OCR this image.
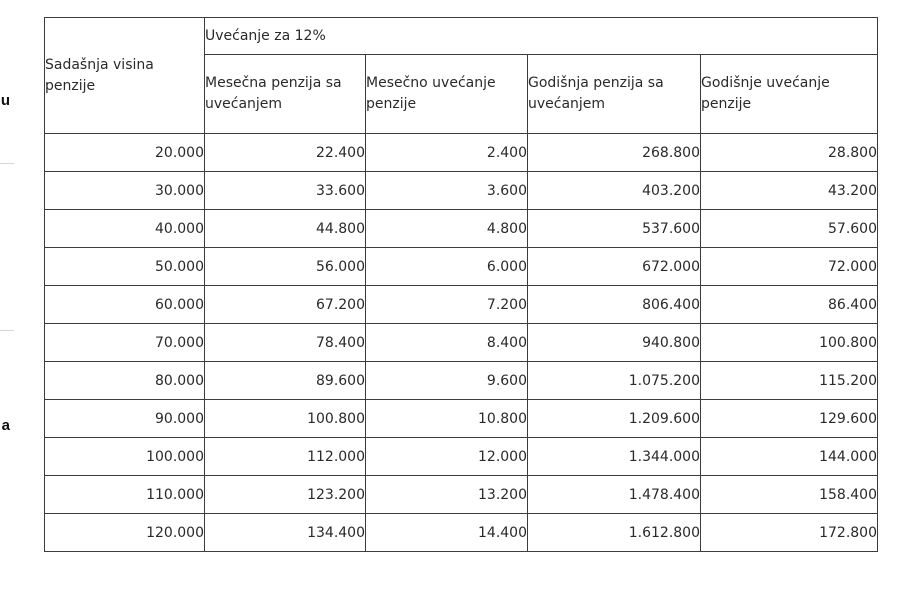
u
a
Sadašnja visina penzije	Uvećanje za 12%			
	Mesečna penzija sa uvećanjem	Mesečno uvećanje penzije	Godišnja penzija sa uvećanjem	Godišnje uvećanje penzije
20.000	22.400	2.400	268.800	28.800
30.000	33.600	3.600	403.200	43.200
40.000	44.800	4.800	537.600	57.600
50.000	56.000	6.000	672.000	72.000
60.000	67.200	7.200	806.400	86.400
70.000	78.400	8.400	940.800	100.800
80.000	89.600	9.600	1.075.200	115.200
90.000	100.800	10.800	1.209.600	129.600
100.000	112.000	12.000	1.344.000	144.000
110.000	123.200	13.200	1.478.400	158.400
120.000	134.400	14.400	1.612.800	172.800
